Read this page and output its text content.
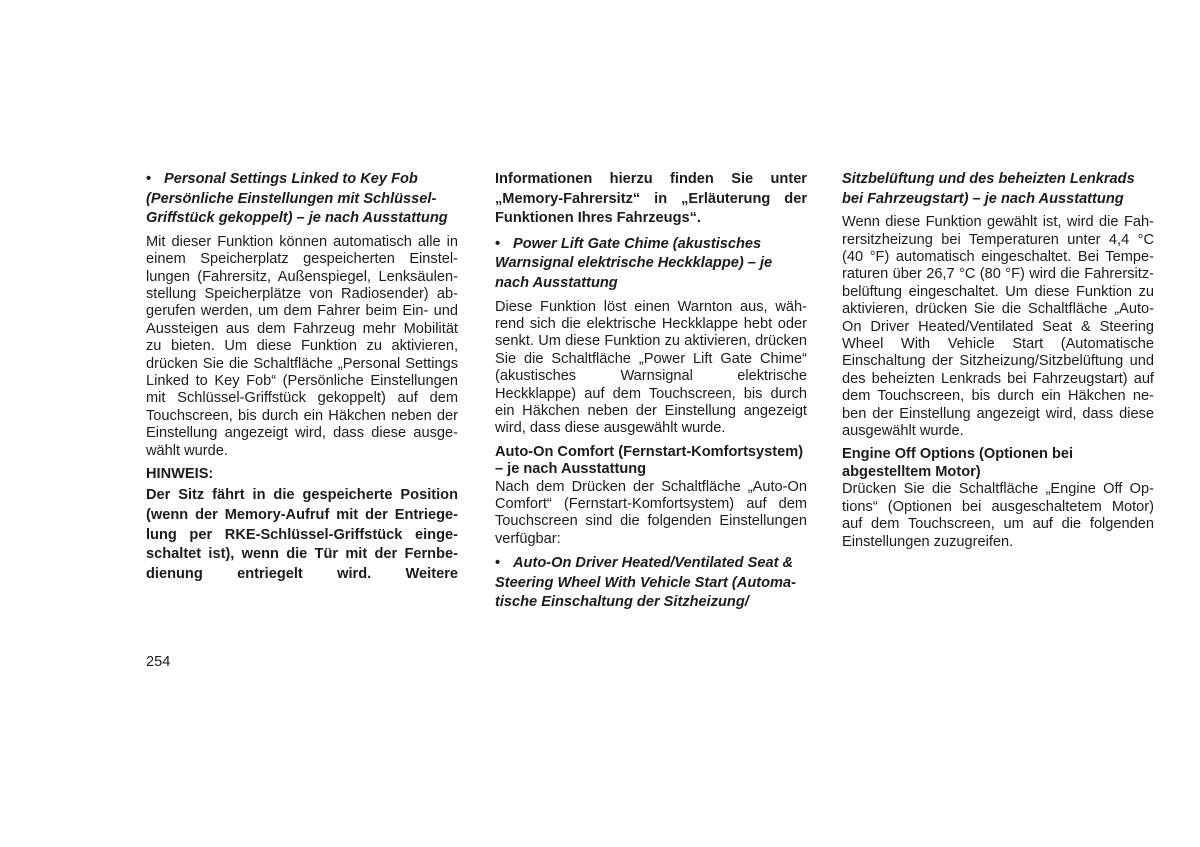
• Personal Settings Linked to Key Fob (Persönliche Einstellungen mit SchlüsselGriffstück gekoppelt) – je nach Ausstattung

Mit dieser Funktion können automatisch alle in einem Speicherplatz gespeicherten Einstellungen (Fahrersitz, Außenspiegel, Lenksäulenstellung Speicherplätze von Radiosender) abgerufen werden, um dem Fahrer beim Ein- und Aussteigen aus dem Fahrzeug mehr Mobilität zu bieten. Um diese Funktion zu aktivieren, drücken Sie die Schaltfläche „Personal Settings Linked to Key Fob“ (Persönliche Einstellungen mit Schlüssel-Griffstück gekoppelt) auf dem Touchscreen, bis durch ein Häkchen neben der Einstellung angezeigt wird, dass diese ausgewählt wurde.

HINWEIS:

Der Sitz fährt in die gespeicherte Position (wenn der Memory-Aufruf mit der Entriegelung per RKE-Schlüssel-Griffstück eingeschaltet ist), wenn die Tür mit der Fernbedienung entriegelt wird. Weitere

Informationen hierzu finden Sie unter „Memory-Fahrersitz“ in „Erläuterung der Funktionen Ihres Fahrzeugs“.

• Power Lift Gate Chime (akustisches Warnsignal elektrische Heckklappe) – je nach Ausstattung

Diese Funktion löst einen Warnton aus, während sich die elektrische Heckklappe hebt oder senkt. Um diese Funktion zu aktivieren, drücken Sie die Schaltfläche „Power Lift Gate Chime“ (akustisches Warnsignal elektrische Heckklappe) auf dem Touchscreen, bis durch ein Häkchen neben der Einstellung angezeigt wird, dass diese ausgewählt wurde.

Auto-On Comfort (Fernstart-Komfortsystem) – je nach Ausstattung

Nach dem Drücken der Schaltfläche „Auto-On Comfort“ (Fernstart-Komfortsystem) auf dem Touchscreen sind die folgenden Einstellungen verfügbar:

• Auto-On Driver Heated/Ventilated Seat & Steering Wheel With Vehicle Start (Automatische Einschaltung der Sitzheizung/

Sitzbelüftung und des beheizten Lenkrads bei Fahrzeugstart) – je nach Ausstattung

Wenn diese Funktion gewählt ist, wird die Fahrersitzheizung bei Temperaturen unter 4,4 °C (40 °F) automatisch eingeschaltet. Bei Temperaturen über 26,7 °C (80 °F) wird die Fahrersitzbelüftung eingeschaltet. Um diese Funktion zu aktivieren, drücken Sie die Schaltfläche „Auto-On Driver Heated/Ventilated Seat & Steering Wheel With Vehicle Start (Automatische Einschaltung der Sitzheizung/Sitzbelüftung und des beheizten Lenkrads bei Fahrzeugstart) auf dem Touchscreen, bis durch ein Häkchen neben der Einstellung angezeigt wird, dass diese ausgewählt wurde.

Engine Off Options (Optionen bei abgestelltem Motor)

Drücken Sie die Schaltfläche „Engine Off Options“ (Optionen bei ausgeschaltetem Motor) auf dem Touchscreen, um auf die folgenden Einstellungen zuzugreifen.

254
